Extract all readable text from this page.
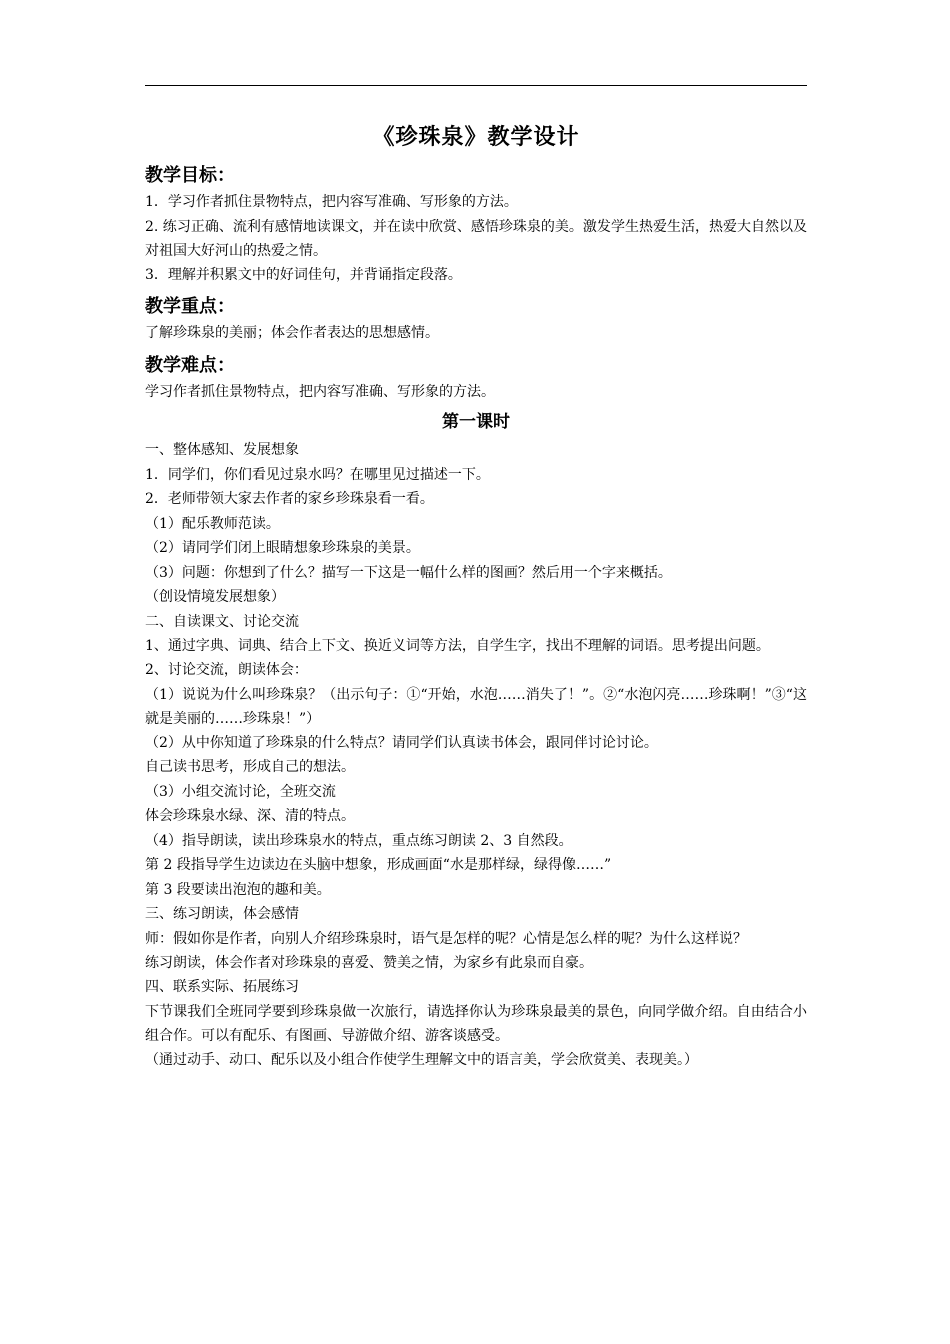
《珍珠泉》教学设计
教学目标：

1．学习作者抓住景物特点，把内容写准确、写形象的方法。

2. 练习正确、流利有感情地读课文，并在读中欣赏、感悟珍珠泉的美。激发学生热爱生活，热爱大自然以及对祖国大好河山的热爱之情。

3．理解并积累文中的好词佳句，并背诵指定段落。

教学重点：

了解珍珠泉的美丽；体会作者表达的思想感情。

教学难点：

学习作者抓住景物特点，把内容写准确、写形象的方法。

第一课时

一、整体感知、发展想象

1．同学们，你们看见过泉水吗？在哪里见过描述一下。

2．老师带领大家去作者的家乡珍珠泉看一看。

（1）配乐教师范读。

（2）请同学们闭上眼睛想象珍珠泉的美景。

（3）问题：你想到了什么？描写一下这是一幅什么样的图画？然后用一个字来概括。

（创设情境发展想象）

二、自读课文、讨论交流

1、通过字典、词典、结合上下文、换近义词等方法，自学生字，找出不理解的词语。思考提出问题。

2、讨论交流，朗读体会：

（1）说说为什么叫珍珠泉？（出示句子：①“开始，水泡……消失了！”。②“水泡闪亮……珍珠啊！”③“这就是美丽的……珍珠泉！”）

（2）从中你知道了珍珠泉的什么特点？请同学们认真读书体会，跟同伴讨论讨论。

自己读书思考，形成自己的想法。

（3）小组交流讨论，全班交流

体会珍珠泉水绿、深、清的特点。

（4）指导朗读，读出珍珠泉水的特点，重点练习朗读 2、3 自然段。

第 2 段指导学生边读边在头脑中想象，形成画面“水是那样绿，绿得像……”

第 3 段要读出泡泡的趣和美。

三、练习朗读，体会感情

师：假如你是作者，向别人介绍珍珠泉时，语气是怎样的呢？心情是怎么样的呢？为什么这样说？

练习朗读，体会作者对珍珠泉的喜爱、赞美之情，为家乡有此泉而自豪。

四、联系实际、拓展练习

下节课我们全班同学要到珍珠泉做一次旅行，请选择你认为珍珠泉最美的景色，向同学做介绍。自由结合小组合作。可以有配乐、有图画、导游做介绍、游客谈感受。

（通过动手、动口、配乐以及小组合作使学生理解文中的语言美，学会欣赏美、表现美。）
